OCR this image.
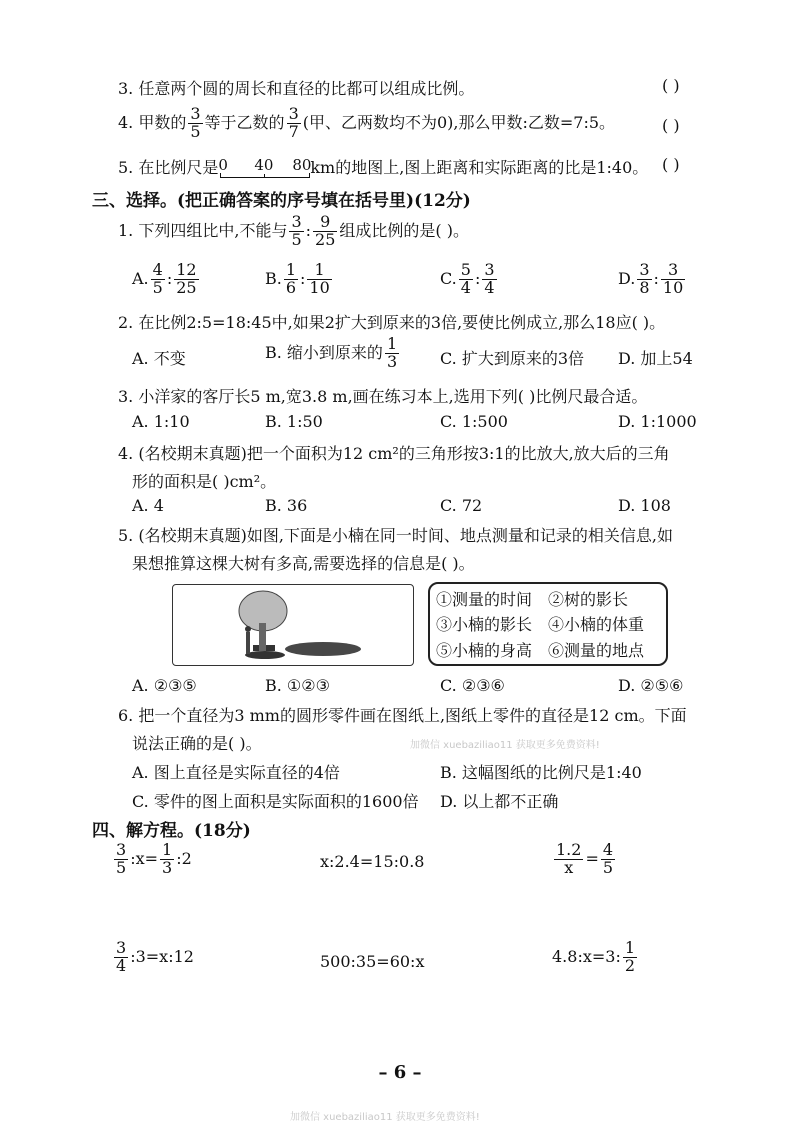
3. 任意两个圆的周长和直径的比都可以组成比例。	( )
4. 甲数的 $\frac{3}{5}$ 等于乙数的 $\frac{3}{7}$ (甲、乙两数均不为0),那么甲数:乙数=7:5。	( )
5. 在比例尺是 0 40 80
km的地图上,图上距离和实际距离的比是1:40。 ( )
三、选择。(把正确答案的序号填在括号里)(12分)
1. 下列四组比中,不能与 $\frac{3}{5}$ : $\frac{9}{25}$ 组成比例的是( )。
A. $\frac{4}{5}$ : $\frac{12}{25}$	B. $\frac{1}{6}$ : $\frac{1}{10}$	C. $\frac{5}{4}$ : $\frac{3}{4}$	D. $\frac{3}{8}$ : $\frac{3}{10}$
2. 在比例2:5=18:45中,如果2扩大到原来的3倍,要使比例成立,那么18应( )。
A. 不变	B. 缩小到原来的 $\frac{1}{3}$	C. 扩大到原来的3倍 D. 加上54
3. 小洋家的客厅长5 m,宽3.8 m,画在练习本上,选用下列( )比例尺最合适。
A. 1:10	B. 1:50	C. 1:500	D. 1:1000
4. (名校期末真题)把一个面积为12 cm²的三角形按3:1的比放大,放大后的三角
形的面积是( )cm²。
A. 4	B. 36	C. 72	D. 108
5. (名校期末真题)如图,下面是小楠在同一时间、地点测量和记录的相关信息,如
果想推算这棵大树有多高,需要选择的信息是( )。
①测量的时间 ②树的影长
③小楠的影长 ④小楠的体重
⑤小楠的身高 ⑥测量的地点
A. ②③⑤	B. ①②③	C. ②③⑥	D. ②⑤⑥
6. 把一个直径为3 mm的圆形零件画在图纸上,图纸上零件的直径是12 cm。下面
说法正确的是( )。	加微信 xuebaziliao11 获取更多免费资料!
A. 图上直径是实际直径的4倍	B. 这幅图纸的比例尺是1:40
C. 零件的图上面积是实际面积的1600倍 D. 以上都不正确
四、解方程。(18分)
$\frac{3}{5}$ :x= $\frac{1}{3}$ :2	x:2.4=15:0.8	$\frac{1.2}{x} = \frac{4}{5}$
$\frac{3}{4}$ :3=x:12	500:35=60:x	4.8:x=3: $\frac{1}{2}$
– 6 –
加微信 xuebaziliao11 获取更多免费资料!
